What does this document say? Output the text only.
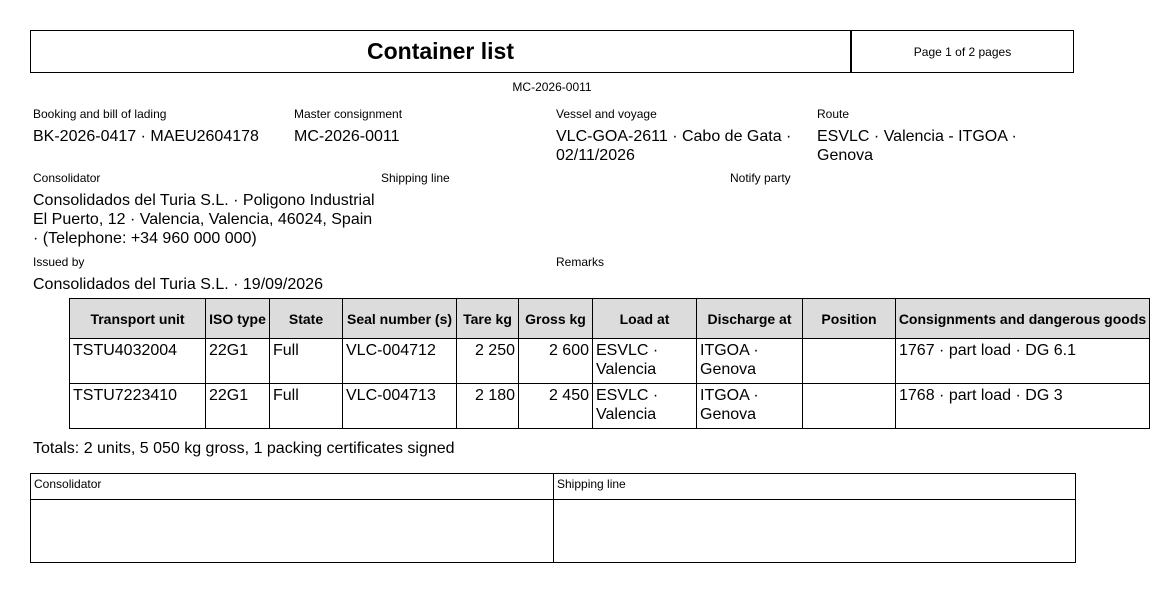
Container list	Page 1 of 2 pages
MC-2026-0011
Booking and bill of lading
BK-2026-0417 · MAEU2604178
Master consignment
MC-2026-0011
Vessel and voyage
VLC-GOA-2611 · Cabo de Gata · 02/11/2026
Route
ESVLC · Valencia - ITGOA · Genova
Consolidator
Consolidados del Turia S.L. · Poligono Industrial El Puerto, 12 · Valencia, Valencia, 46024, Spain · (Telephone: +34 960 000 000)
Shipping line	Notify party
Issued by
Consolidados del Turia S.L. · 19/09/2026
Remarks
Transport unit	ISO type	State	Seal number (s)	Tare kg	Gross kg	Load at	Discharge at	Position	Consignments and dangerous goods
TSTU4032004	22G1	Full	VLC-004712	2 250	2 600	ESVLC · Valencia	ITGOA · Genova		1767 · part load · DG 6.1
TSTU7223410	22G1	Full	VLC-004713	2 180	2 450	ESVLC · Valencia	ITGOA · Genova		1768 · part load · DG 3
Totals: 2 units, 5 050 kg gross, 1 packing certificates signed
Consolidator	Shipping line
